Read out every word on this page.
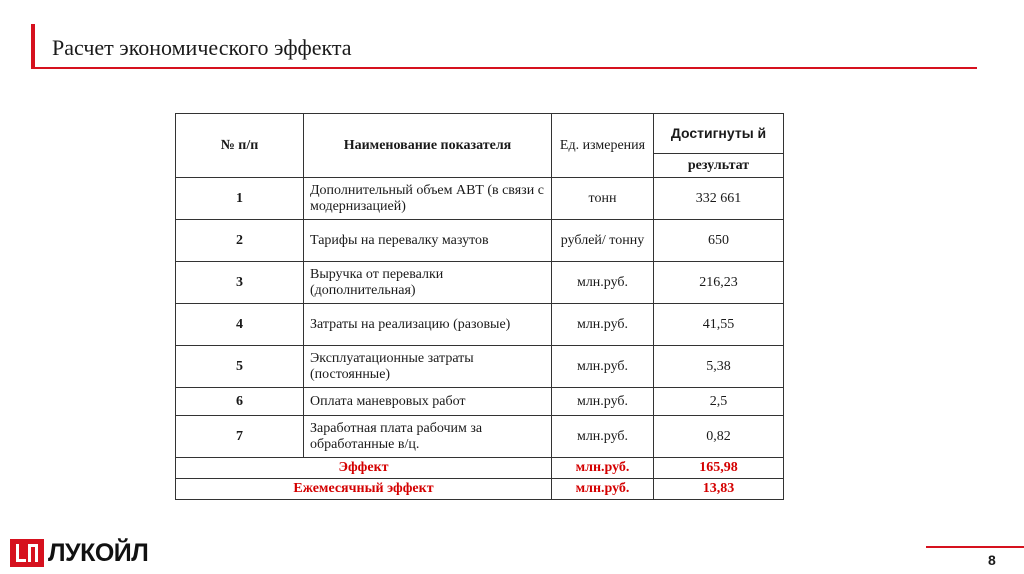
Расчет экономического эффекта
№ п/п	Наименование показателя	Ед. измерения	Достигнуты й
			результат
1	Дополнительный объем АВТ (в связи с модернизацией)	тонн	332 661
2	Тарифы на перевалку мазутов	рублей/ тонну	650
3	Выручка от перевалки (дополнительная)	млн.руб.	216,23
4	Затраты на реализацию (разовые)	млн.руб.	41,55
5	Эксплуатационные затраты (постоянные)	млн.руб.	5,38
6	Оплата маневровых работ	млн.руб.	2,5
7	Заработная плата рабочим за обработанные в/ц.	млн.руб.	0,82
Эффект		млн.руб.	165,98
Ежемесячный эффект		млн.руб.	13,83
ЛУКОЙЛ	8
